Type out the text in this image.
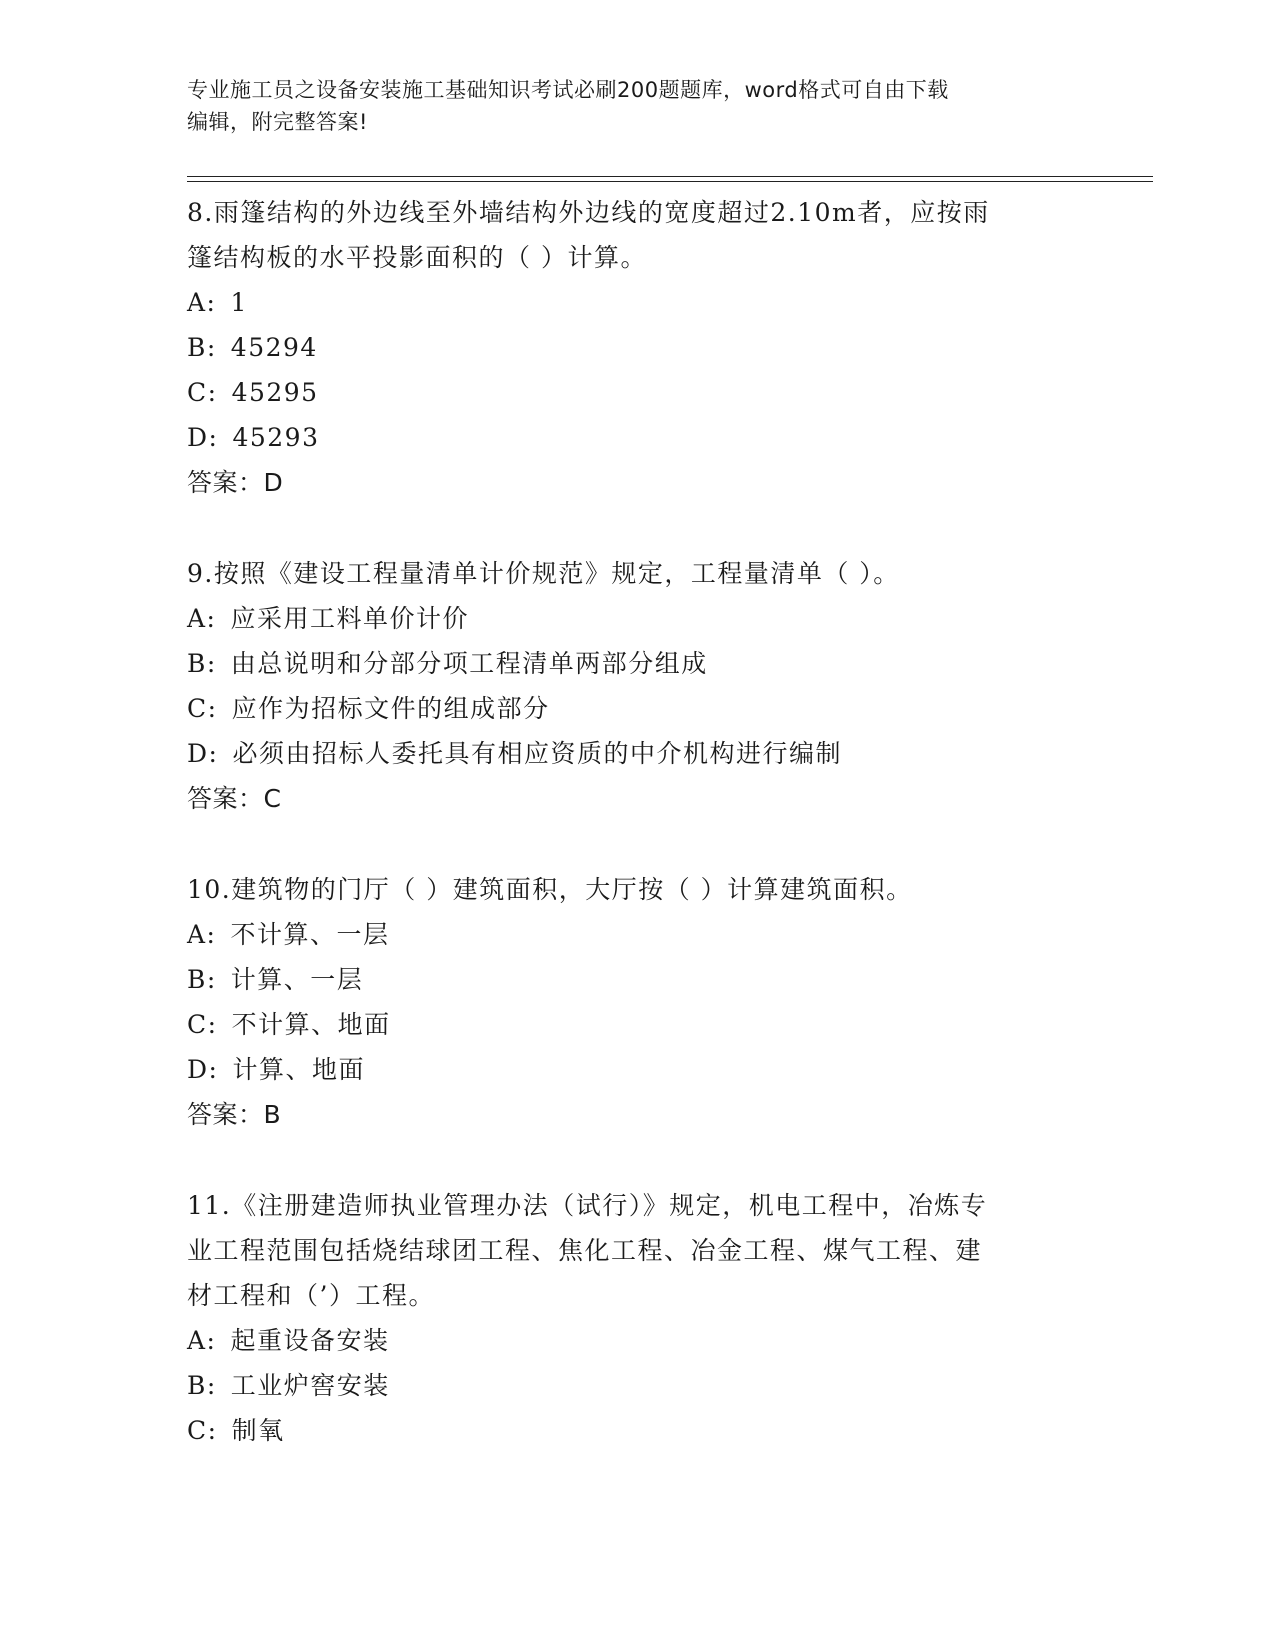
专业施工员之设备安装施工基础知识考试必刷200题题库，word格式可自由下载
编辑，附完整答案!

8.雨篷结构的外边线至外墙结构外边线的宽度超过2.10m者，应按雨

篷结构板的水平投影面积的（ ）计算。

A: 1

B: 45294

C: 45295

D: 45293

答案：D

9.按照《建设工程量清单计价规范》规定，工程量清单（ ）。

A: 应采用工料单价计价

B: 由总说明和分部分项工程清单两部分组成

C: 应作为招标文件的组成部分

D: 必须由招标人委托具有相应资质的中介机构进行编制

答案：C

10.建筑物的门厅（ ）建筑面积，大厅按（ ）计算建筑面积。

A: 不计算、一层

B: 计算、一层

C: 不计算、地面

D: 计算、地面

答案：B

11.《注册建造师执业管理办法（试行）》规定，机电工程中，冶炼专

业工程范围包括烧结球团工程、焦化工程、冶金工程、煤气工程、建

材工程和（’）工程。

A: 起重设备安装

B: 工业炉窖安装

C: 制氧
